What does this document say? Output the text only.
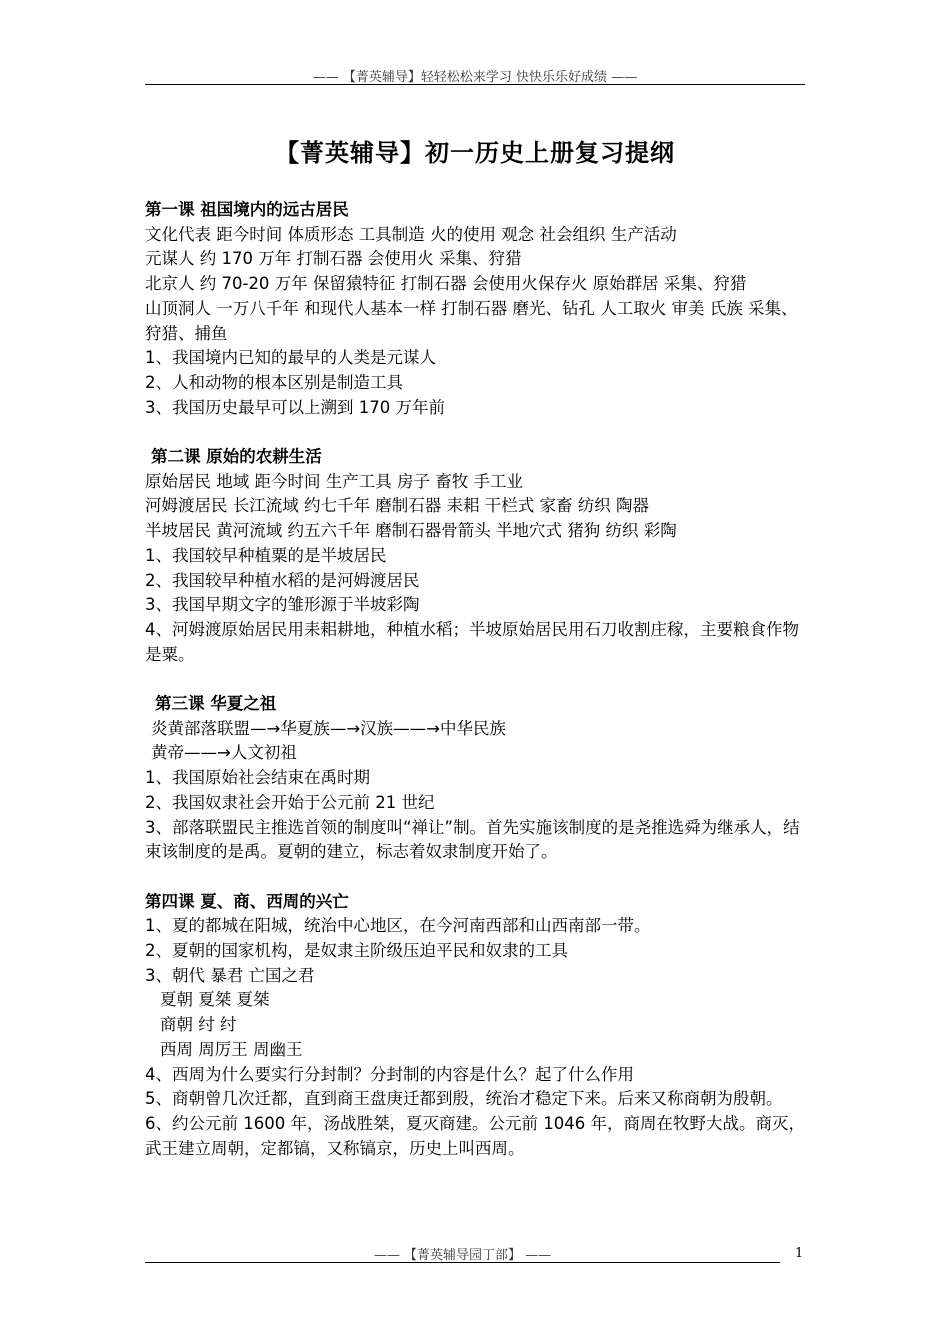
—— 【菁英辅导】轻轻松松来学习 快快乐乐好成绩 ——
【菁英辅导】初一历史上册复习提纲

第一课 祖国境内的远古居民

文化代表 距今时间 体质形态 工具制造 火的使用 观念 社会组织 生产活动

元谋人 约 170 万年 打制石器 会使用火 采集、狩猎

北京人 约 70-20 万年 保留猿特征 打制石器 会使用火保存火 原始群居 采集、狩猎

山顶洞人 一万八千年 和现代人基本一样 打制石器 磨光、钻孔 人工取火 审美 氏族 采集、狩猎、捕鱼

1、我国境内已知的最早的人类是元谋人

2、人和动物的根本区别是制造工具

3、我国历史最早可以上溯到 170 万年前

第二课 原始的农耕生活

原始居民 地域 距今时间 生产工具 房子 畜牧 手工业

河姆渡居民 长江流域 约七千年 磨制石器 耒耜 干栏式 家畜 纺织 陶器

半坡居民 黄河流域 约五六千年 磨制石器骨箭头 半地穴式 猪狗 纺织 彩陶

1、我国较早种植粟的是半坡居民

2、我国较早种植水稻的是河姆渡居民

3、我国早期文字的雏形源于半坡彩陶

4、河姆渡原始居民用耒耜耕地，种植水稻；半坡原始居民用石刀收割庄稼，主要粮食作物是粟。

第三课 华夏之祖

炎黄部落联盟—→华夏族—→汉族——→中华民族

黄帝——→人文初祖

1、我国原始社会结束在禹时期

2、我国奴隶社会开始于公元前 21 世纪

3、部落联盟民主推选首领的制度叫“禅让”制。首先实施该制度的是尧推选舜为继承人，结束该制度的是禹。夏朝的建立，标志着奴隶制度开始了。

第四课 夏、商、西周的兴亡

1、夏的都城在阳城，统治中心地区，在今河南西部和山西南部一带。

2、夏朝的国家机构，是奴隶主阶级压迫平民和奴隶的工具

3、朝代 暴君 亡国之君

夏朝 夏桀 夏桀

商朝 纣 纣

西周 周厉王 周幽王

4、西周为什么要实行分封制？分封制的内容是什么？起了什么作用

5、商朝曾几次迁都，直到商王盘庚迁都到殷，统治才稳定下来。后来又称商朝为殷朝。

6、约公元前 1600 年，汤战胜桀，夏灭商建。公元前 1046 年，商周在牧野大战。商灭，武王建立周朝，定都镐，又称镐京，历史上叫西周。

—— 【菁英辅导园丁部】 ——	1
